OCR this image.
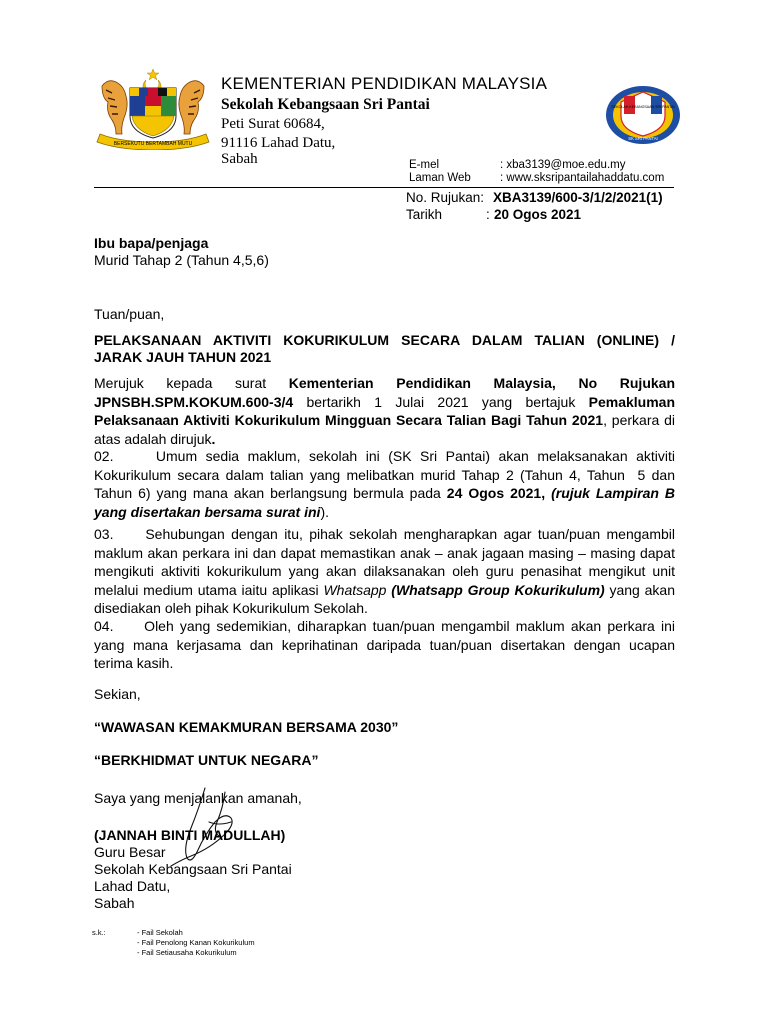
BERSEKUTU BERTAMBAH MUTU
KEMENTERIAN PENDIDIKAN MALAYSIA
Sekolah Kebangsaan Sri Pantai
Peti Surat 60684,
91116 Lahad Datu,
Sabah
SEKOLAH KEBANGSAAN SRI PANTAI
SK SRI PANTAI
E-mel	: xba3139@moe.edu.my
Laman Web	: www.sksripantailahaddatu.com
No. Rujukan: XBA3139/600-3/1/2/2021(1)
Tarikh	: 20 Ogos 2021
Ibu bapa/penjaga
Murid Tahap 2 (Tahun 4,5,6)
Tuan/puan,
PELAKSANAAN AKTIVITI KOKURIKULUM SECARA DALAM TALIAN (ONLINE) /
JARAK JAUH TAHUN 2021
Merujuk kepada surat Kementerian Pendidikan Malaysia, No Rujukan JPNSBH.SPM.KOKUM.600-3/4 bertarikh 1 Julai 2021 yang bertajuk Pemakluman Pelaksanaan Aktiviti Kokurikulum Mingguan Secara Talian Bagi Tahun 2021, perkara di atas adalah dirujuk.
02.     Umum sedia maklum, sekolah ini (SK Sri Pantai) akan melaksanakan aktiviti Kokurikulum secara dalam talian yang melibatkan murid Tahap 2 (Tahun 4, Tahun  5 dan Tahun 6) yang mana akan berlangsung bermula pada 24 Ogos 2021, (rujuk Lampiran B yang disertakan bersama surat ini).
03.     Sehubungan dengan itu, pihak sekolah mengharapkan agar tuan/puan mengambil maklum akan perkara ini dan dapat memastikan anak – anak jagaan masing – masing dapat mengikuti aktiviti kokurikulum yang akan dilaksanakan oleh guru penasihat mengikut unit melalui medium utama iaitu aplikasi Whatsapp (Whatsapp Group Kokurikulum) yang akan disediakan oleh pihak Kokurikulum Sekolah.
04.     Oleh yang sedemikian, diharapkan tuan/puan mengambil maklum akan perkara ini yang mana kerjasama dan keprihatinan daripada tuan/puan disertakan dengan ucapan terima kasih.
Sekian,
“WAWASAN KEMAKMURAN BERSAMA 2030”
“BERKHIDMAT UNTUK NEGARA”
Saya yang menjalankan amanah,
(JANNAH BINTI MADULLAH)
Guru Besar
Sekolah Kebangsaan Sri Pantai
Lahad Datu,
Sabah
s.k.:	- Fail Sekolah
- Fail Penolong Kanan Kokurikulum
- Fail Setiausaha Kokurikulum
